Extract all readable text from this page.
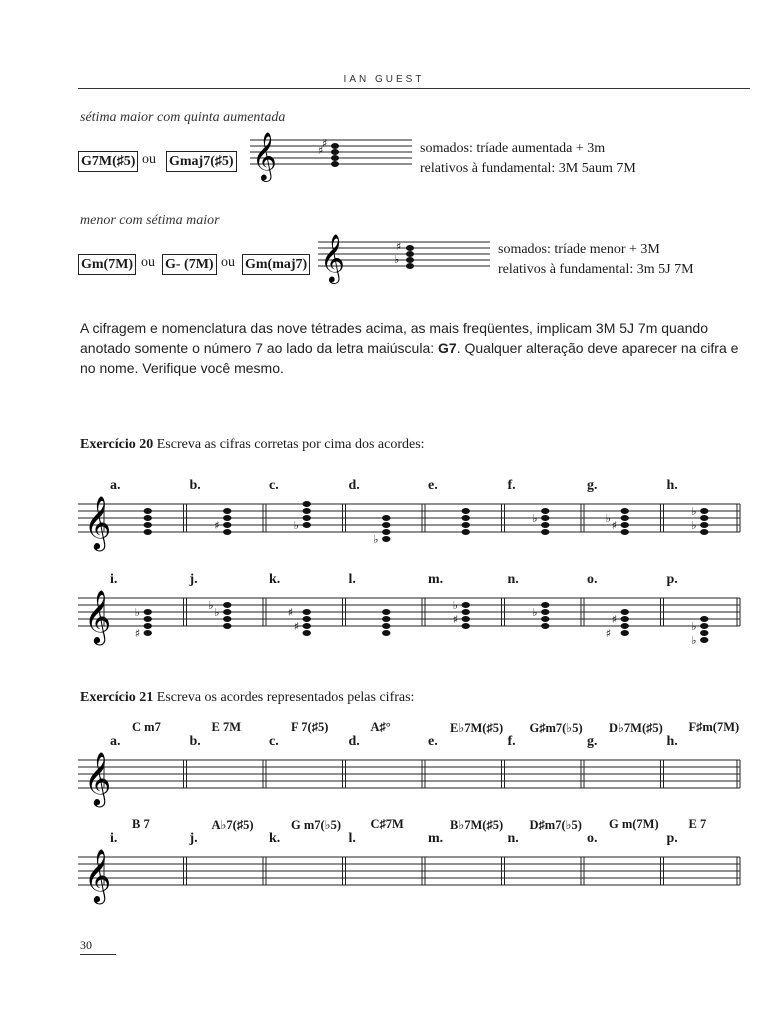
IAN GUEST
sétima maior com quinta aumentada
G7M(♯5) ou Gmaj7(♯5) 𝄞	♯
♯	somados: tríade aumentada + 3m
relativos à fundamental: 3M 5aum 7M
menor com sétima maior
Gm(7M) ou G- (7M) ou Gm(maj7) 𝄞	♭
♯	somados: tríade menor + 3M
relativos à fundamental: 3m 5J 7M
A cifragem e nomenclatura das nove tétrades acima, as mais freqüentes, implicam 3M 5J 7m quando anotado somente o número 7 ao lado da letra maiúscula: G7. Qualquer alteração deve aparecer na cifra e no nome. Verifique você mesmo.
Exercício 20 Escreva as cifras corretas por cima dos acordes:
𝄞	♯	♭
♭
♭
♯
♭
♭
♭
a.	b.	c.	d.	e.	f.	g.	h.
𝄞 ♭
♯
♭
♭
♯
♯
♯
♭
♭
♯
♯
♭
♭
i.	j.	k.	l.	m.	n.	o.	p.
Exercício 21 Escreva os acordes representados pelas cifras:
𝄞
a.
C m7
b.
E 7M
c.
F 7(♯5)
d.
A♯°
e.
E♭7M(♯5)
f.
G♯m7(♭5)
g.
D♭7M(♯5)
h.
F♯m(7M)
𝄞
i.
B 7
j.
A♭7(♯5)
k.
G m7(♭5)
l.
C♯7M
m.
B♭7M(♯5)
n.
D♯m7(♭5)
o.
G m(7M)
p.
E 7
30
